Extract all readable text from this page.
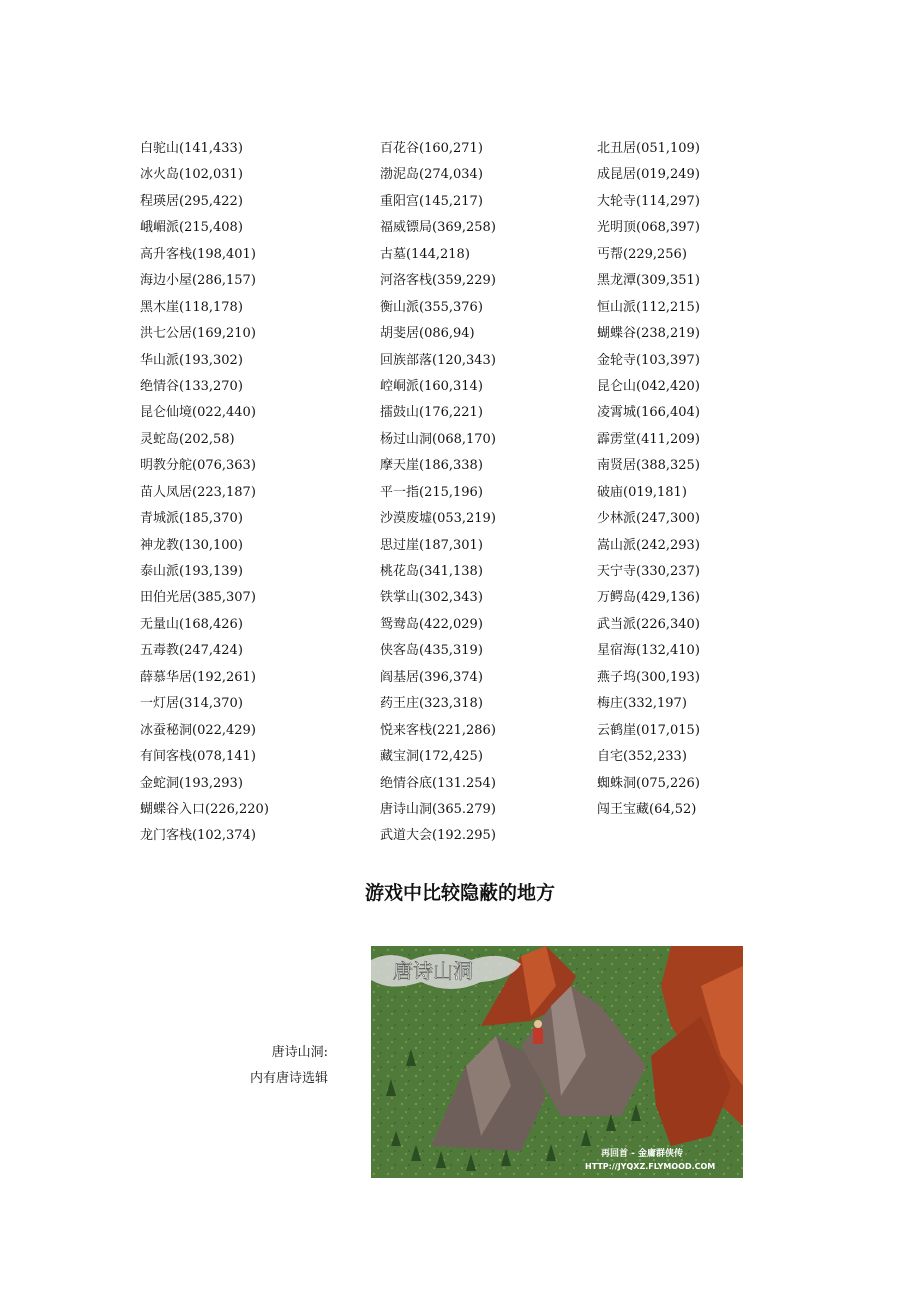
白驼山(141,433)
冰火岛(102,031)
程瑛居(295,422)
峨嵋派(215,408)
高升客栈(198,401)
海边小屋(286,157)
黑木崖(118,178)
洪七公居(169,210)
华山派(193,302)
绝情谷(133,270)
昆仑仙境(022,440)
灵蛇岛(202,58)
明教分舵(076,363)
苗人凤居(223,187)
青城派(185,370)
神龙教(130,100)
泰山派(193,139)
田伯光居(385,307)
无量山(168,426)
五毒教(247,424)
薛慕华居(192,261)
一灯居(314,370)
冰蚕秘洞(022,429)
有间客栈(078,141)
金蛇洞(193,293)
蝴蝶谷入口(226,220)
龙门客栈(102,374)
百花谷(160,271)
渤泥岛(274,034)
重阳宫(145,217)
福威镖局(369,258)
古墓(144,218)
河洛客栈(359,229)
衡山派(355,376)
胡斐居(086,94)
回族部落(120,343)
崆峒派(160,314)
擂鼓山(176,221)
杨过山洞(068,170)
摩天崖(186,338)
平一指(215,196)
沙漠废墟(053,219)
思过崖(187,301)
桃花岛(341,138)
铁掌山(302,343)
鸳鸯岛(422,029)
侠客岛(435,319)
阎基居(396,374)
药王庄(323,318)
悦来客栈(221,286)
藏宝洞(172,425)
绝情谷底(131.254)
唐诗山洞(365.279)
武道大会(192.295)
北丑居(051,109)
成昆居(019,249)
大轮寺(114,297)
光明顶(068,397)
丐帮(229,256)
黑龙潭(309,351)
恒山派(112,215)
蝴蝶谷(238,219)
金轮寺(103,397)
昆仑山(042,420)
凌霄城(166,404)
霹雳堂(411,209)
南贤居(388,325)
破庙(019,181)
少林派(247,300)
嵩山派(242,293)
天宁寺(330,237)
万鳄岛(429,136)
武当派(226,340)
星宿海(132,410)
燕子坞(300,193)
梅庄(332,197)
云鹤崖(017,015)
自宅(352,233)
蜘蛛洞(075,226)
闯王宝藏(64,52)
游戏中比较隐蔽的地方
唐诗山洞:
内有唐诗选辑
唐诗山洞
再回首 - 金庸群侠传
HTTP://JYQXZ.FLYMOOD.COM
